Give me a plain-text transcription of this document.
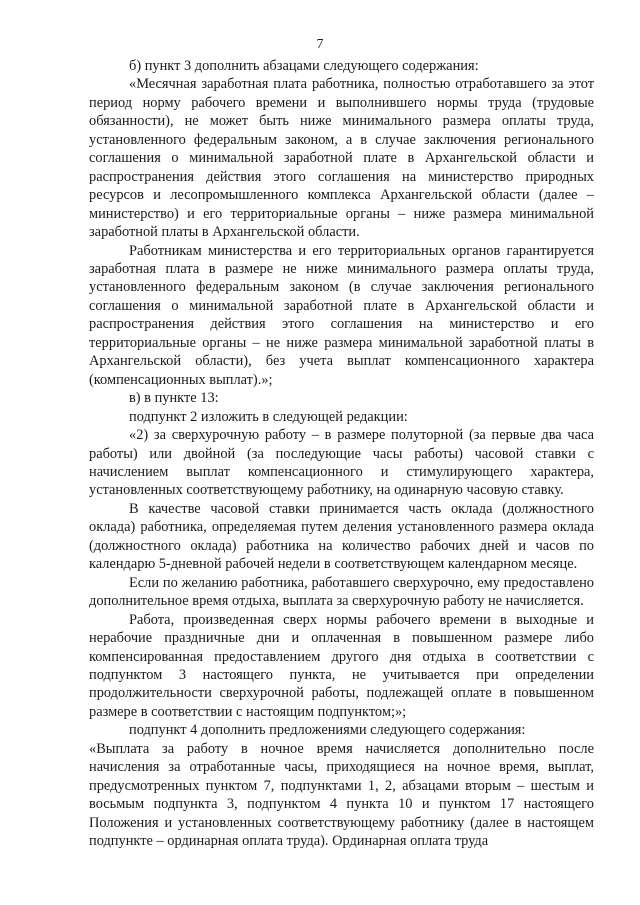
7

б) пункт 3 дополнить абзацами следующего содержания:

«Месячная заработная плата работника, полностью отработавшего за этот период норму рабочего времени и выполнившего нормы труда (трудовые обязанности), не может быть ниже минимального размера оплаты труда, установленного федеральным законом, а в случае заключения регионального соглашения о минимальной заработной плате в Архангельской области и распространения действия этого соглашения на министерство природных ресурсов и лесопромышленного комплекса Архангельской области (далее – министерство) и его территориальные органы – ниже размера минимальной заработной платы в Архангельской области.

Работникам министерства и его территориальных органов гарантируется заработная плата в размере не ниже минимального размера оплаты труда, установленного федеральным законом (в случае заключения регионального соглашения о минимальной заработной плате в Архангельской области и распространения действия этого соглашения на министерство и его территориальные органы – не ниже размера минимальной заработной платы в Архангельской области), без учета выплат компенсационного характера (компенсационных выплат).»;

в) в пункте 13:

подпункт 2 изложить в следующей редакции:

«2) за сверхурочную работу – в размере полуторной (за первые два часа работы) или двойной (за последующие часы работы) часовой ставки с начислением выплат компенсационного и стимулирующего характера, установленных соответствующему работнику, на одинарную часовую ставку.

В качестве часовой ставки принимается часть оклада (должностного оклада) работника, определяемая путем деления установленного размера оклада (должностного оклада) работника на количество рабочих дней и часов по календарю 5-дневной рабочей недели в соответствующем календарном месяце.

Если по желанию работника, работавшего сверхурочно, ему предоставлено дополнительное время отдыха, выплата за сверхурочную работу не начисляется.

Работа, произведенная сверх нормы рабочего времени в выходные и нерабочие праздничные дни и оплаченная в повышенном размере либо компенсированная предоставлением другого дня отдыха в соответствии с подпунктом 3 настоящего пункта, не учитывается при определении продолжительности сверхурочной работы, подлежащей оплате в повышенном размере в соответствии с настоящим подпунктом;»;

подпункт 4 дополнить предложениями следующего содержания:

«Выплата за работу в ночное время начисляется дополнительно после начисления за отработанные часы, приходящиеся на ночное время, выплат, предусмотренных пунктом 7, подпунктами 1, 2, абзацами вторым – шестым и восьмым подпункта 3, подпунктом 4 пункта 10 и пунктом 17 настоящего Положения и установленных соответствующему работнику (далее в настоящем подпункте – ординарная оплата труда). Ординарная оплата труда
